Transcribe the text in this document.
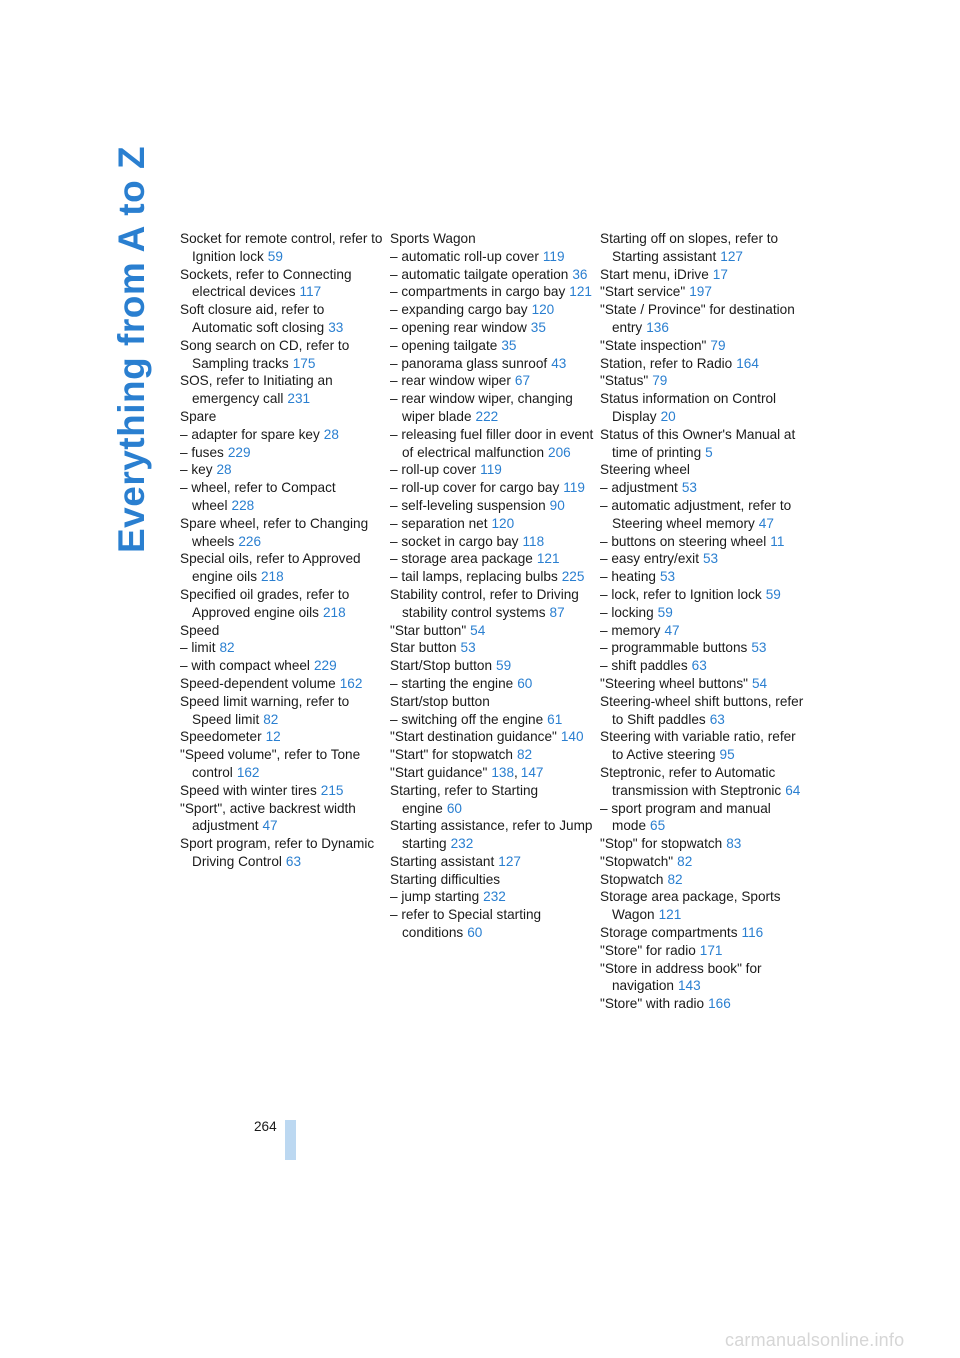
Everything from A to Z Socket for remote control, refer to Ignition lock 59
Sockets, refer to Connecting electrical devices 117
Soft closure aid, refer to Automatic soft closing 33
Song search on CD, refer to Sampling tracks 175
SOS, refer to Initiating an emergency call 231
Spare
– adapter for spare key 28
– fuses 229
– key 28
– wheel, refer to Compact wheel 228
Spare wheel, refer to Changing wheels 226
Special oils, refer to Approved engine oils 218
Specified oil grades, refer to Approved engine oils 218
Speed
– limit 82
– with compact wheel 229
Speed-dependent volume 162
Speed limit warning, refer to Speed limit 82
Speedometer 12
"Speed volume", refer to Tone control 162
Speed with winter tires 215
"Sport", active backrest width adjustment 47
Sport program, refer to Dynamic Driving Control 63
Sports Wagon
– automatic roll-up cover 119
– automatic tailgate operation 36
– compartments in cargo bay 121
– expanding cargo bay 120
– opening rear window 35
– opening tailgate 35
– panorama glass sunroof 43
– rear window wiper 67
– rear window wiper, changing wiper blade 222
– releasing fuel filler door in event of electrical malfunction 206
– roll-up cover 119
– roll-up cover for cargo bay 119
– self-leveling suspension 90
– separation net 120
– socket in cargo bay 118
– storage area package 121
– tail lamps, replacing bulbs 225
Stability control, refer to Driving stability control systems 87
"Star button" 54
Star button 53
Start/Stop button 59
– starting the engine 60
Start/stop button
– switching off the engine 61
"Start destination guidance" 140
"Start" for stopwatch 82
"Start guidance" 138, 147
Starting, refer to Starting engine 60
Starting assistance, refer to Jump starting 232
Starting assistant 127
Starting difficulties
– jump starting 232
– refer to Special starting conditions 60
Starting off on slopes, refer to Starting assistant 127
Start menu, iDrive 17
"Start service" 197
"State / Province" for destination entry 136
"State inspection" 79
Station, refer to Radio 164
"Status" 79
Status information on Control Display 20
Status of this Owner's Manual at time of printing 5
Steering wheel
– adjustment 53
– automatic adjustment, refer to Steering wheel memory 47
– buttons on steering wheel 11
– easy entry/exit 53
– heating 53
– lock, refer to Ignition lock 59
– locking 59
– memory 47
– programmable buttons 53
– shift paddles 63
"Steering wheel buttons" 54
Steering-wheel shift buttons, refer to Shift paddles 63
Steering with variable ratio, refer to Active steering 95
Steptronic, refer to Automatic transmission with Steptronic 64
– sport program and manual mode 65
"Stop" for stopwatch 83
"Stopwatch" 82
Stopwatch 82
Storage area package, Sports Wagon 121
Storage compartments 116
"Store" for radio 171
"Store in address book" for navigation 143
"Store" with radio 166
264
carmanualsonline.info
